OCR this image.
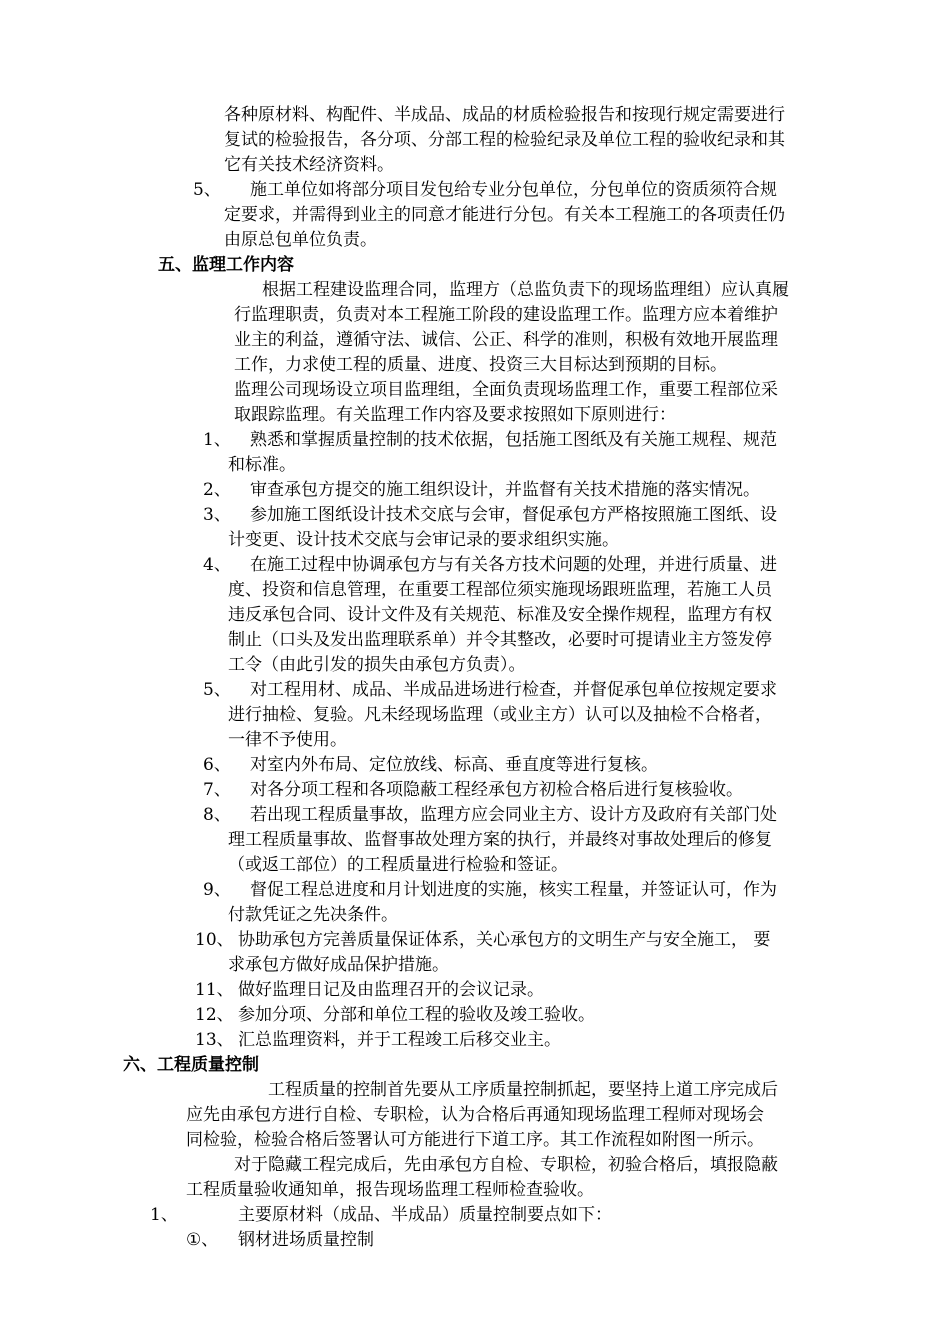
各种原材料、构配件、半成品、成品的材质检验报告和按现行规定需要进行
复试的检验报告，各分项、分部工程的检验纪录及单位工程的验收纪录和其
它有关技术经济资料。
5、 施工单位如将部分项目发包给专业分包单位，分包单位的资质须符合规
定要求，并需得到业主的同意才能进行分包。有关本工程施工的各项责任仍
由原总包单位负责。
五、监理工作内容
根据工程建设监理合同，监理方（总监负责下的现场监理组）应认真履
行监理职责，负责对本工程施工阶段的建设监理工作。监理方应本着维护
业主的利益，遵循守法、诚信、公正、科学的准则，积极有效地开展监理
工作，力求使工程的质量、进度、投资三大目标达到预期的目标。
监理公司现场设立项目监理组，全面负责现场监理工作，重要工程部位采
取跟踪监理。有关监理工作内容及要求按照如下原则进行：
1、 熟悉和掌握质量控制的技术依据，包括施工图纸及有关施工规程、规范
和标准。
2、 审查承包方提交的施工组织设计，并监督有关技术措施的落实情况。
3、 参加施工图纸设计技术交底与会审，督促承包方严格按照施工图纸、设
计变更、设计技术交底与会审记录的要求组织实施。
4、 在施工过程中协调承包方与有关各方技术问题的处理，并进行质量、进
度、投资和信息管理，在重要工程部位须实施现场跟班监理，若施工人员
违反承包合同、设计文件及有关规范、标准及安全操作规程，监理方有权
制止（口头及发出监理联系单）并令其整改，必要时可提请业主方签发停
工令（由此引发的损失由承包方负责）。
5、 对工程用材、成品、半成品进场进行检查，并督促承包单位按规定要求
进行抽检、复验。凡未经现场监理（或业主方）认可以及抽检不合格者，
一律不予使用。
6、 对室内外布局、定位放线、标高、垂直度等进行复核。
7、 对各分项工程和各项隐蔽工程经承包方初检合格后进行复核验收。
8、 若出现工程质量事故，监理方应会同业主方、设计方及政府有关部门处
理工程质量事故、监督事故处理方案的执行，并最终对事故处理后的修复
（或返工部位）的工程质量进行检验和签证。
9、 督促工程总进度和月计划进度的实施，核实工程量，并签证认可，作为
付款凭证之先决条件。
10、 协助承包方完善质量保证体系，关心承包方的文明生产与安全施工， 要
求承包方做好成品保护措施。
11、 做好监理日记及由监理召开的会议记录。
12、 参加分项、分部和单位工程的验收及竣工验收。
13、 汇总监理资料，并于工程竣工后移交业主。
六、工程质量控制
工程质量的控制首先要从工序质量控制抓起，要坚持上道工序完成后
应先由承包方进行自检、专职检，认为合格后再通知现场监理工程师对现场会
同检验，检验合格后签署认可方能进行下道工序。其工作流程如附图一所示。
对于隐藏工程完成后，先由承包方自检、专职检，初验合格后，填报隐蔽
工程质量验收通知单，报告现场监理工程师检查验收。
1、	主要原材料（成品、半成品）质量控制要点如下：
①、 钢材进场质量控制
